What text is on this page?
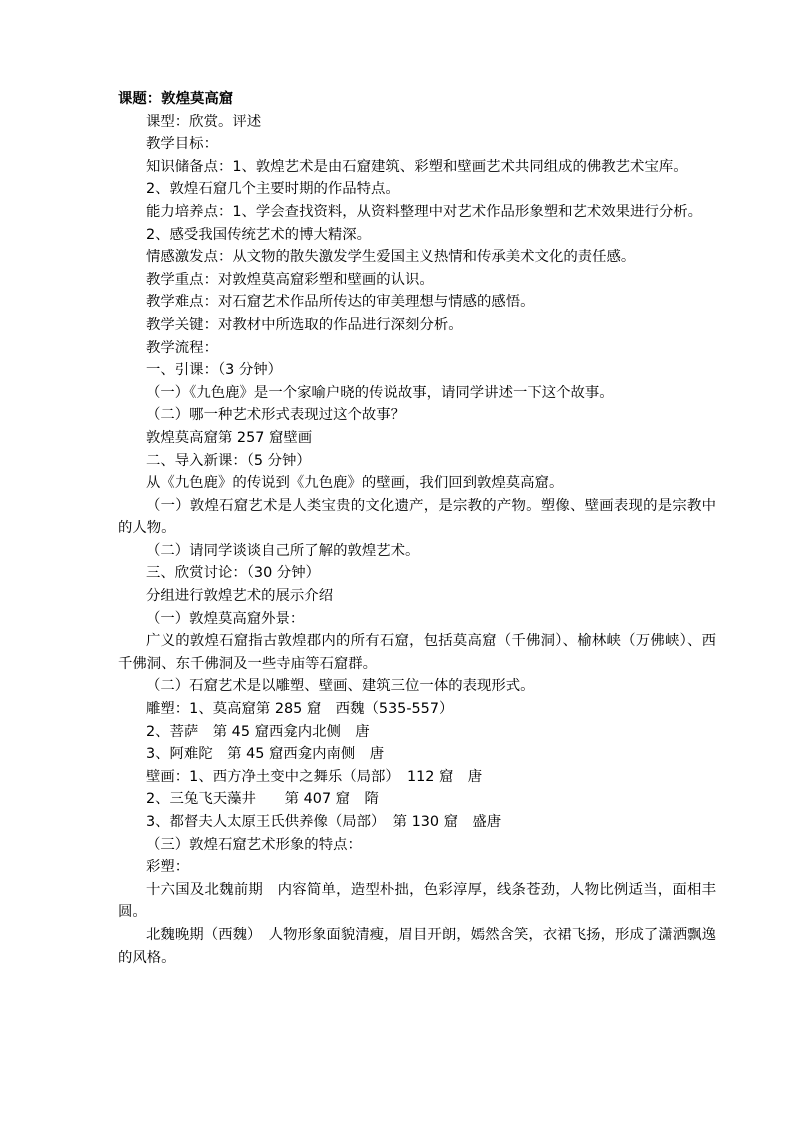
课题：敦煌莫高窟
课型：欣赏。评述
教学目标：
知识储备点：1、敦煌艺术是由石窟建筑、彩塑和壁画艺术共同组成的佛教艺术宝库。
2、敦煌石窟几个主要时期的作品特点。
能力培养点：1、学会查找资料，从资料整理中对艺术作品形象塑和艺术效果进行分析。
2、感受我国传统艺术的博大精深。
情感激发点：从文物的散失激发学生爱国主义热情和传承美术文化的责任感。
教学重点：对敦煌莫高窟彩塑和壁画的认识。
教学难点：对石窟艺术作品所传达的审美理想与情感的感悟。
教学关键：对教材中所选取的作品进行深刻分析。
教学流程：
一、引课：（3 分钟）
（一）《九色鹿》是一个家喻户晓的传说故事，请同学讲述一下这个故事。
（二）哪一种艺术形式表现过这个故事？
敦煌莫高窟第 257 窟壁画
二、导入新课：（5 分钟）
从《九色鹿》的传说到《九色鹿》的壁画，我们回到敦煌莫高窟。
（一）敦煌石窟艺术是人类宝贵的文化遗产，是宗教的产物。塑像、壁画表现的是宗教中的人物。
（二）请同学谈谈自己所了解的敦煌艺术。
三、欣赏讨论：（30 分钟）
分组进行敦煌艺术的展示介绍
（一）敦煌莫高窟外景：
广义的敦煌石窟指古敦煌郡内的所有石窟，包括莫高窟（千佛洞）、榆林峡（万佛峡）、西千佛洞、东千佛洞及一些寺庙等石窟群。
（二）石窟艺术是以雕塑、壁画、建筑三位一体的表现形式。
雕塑：1、莫高窟第 285 窟　西魏（535-557）
2、菩萨　第 45 窟西龛内北侧　唐
3、阿难陀　第 45 窟西龛内南侧　唐
壁画：1、西方净土变中之舞乐（局部）　112 窟　唐
2、三兔飞天藻井　　第 407 窟　隋
3、都督夫人太原王氏供养像（局部）　第 130 窟　盛唐
（三）敦煌石窟艺术形象的特点：
彩塑：
十六国及北魏前期　内容简单，造型朴拙，色彩淳厚，线条苍劲，人物比例适当，面相丰圆。
北魏晚期（西魏）　人物形象面貌清瘦，眉目开朗，嫣然含笑，衣裙飞扬，形成了潇洒飘逸的风格。
